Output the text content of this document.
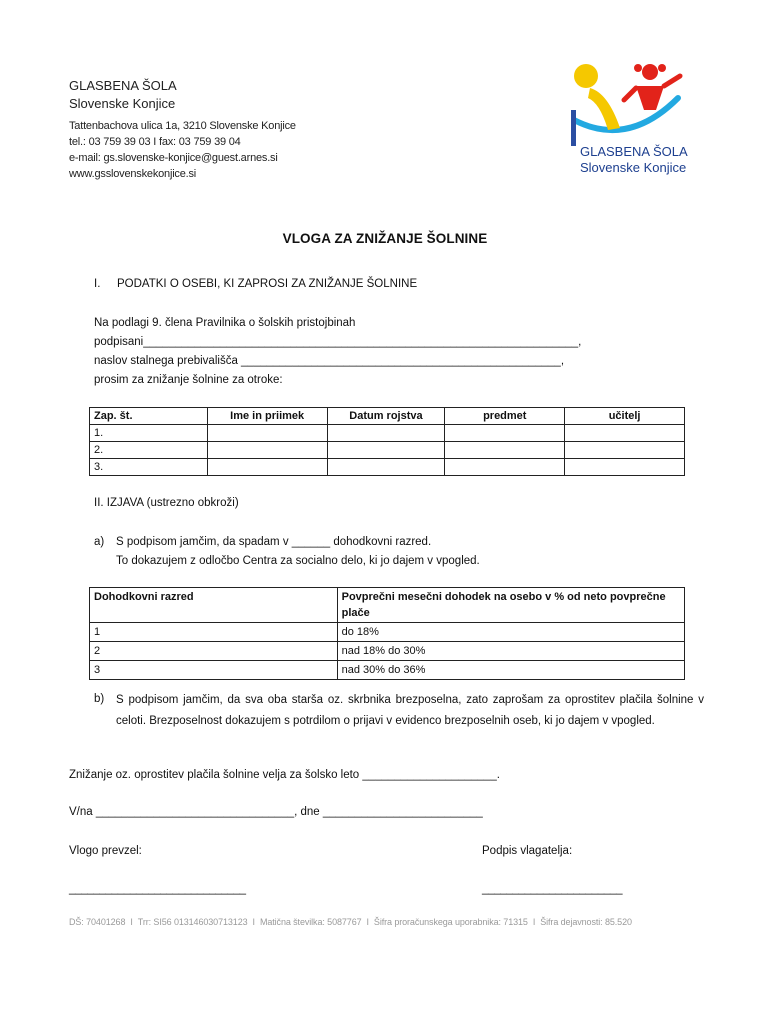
GLASBENA ŠOLA
Slovenske Konjice
Tattenbachova ulica 1a, 3210 Slovenske Konjice
tel.: 03 759 39 03 I fax: 03 759 39 04
e-mail: gs.slovenske-konjice@guest.arnes.si
www.gsslovenskekonjice.si
GLASBENA ŠOLA
Slovenske Konjice
VLOGA ZA ZNIŽANJE ŠOLNINE
I. PODATKI O OSEBI, KI ZAPROSI ZA ZNIŽANJE ŠOLNINE
Na podlagi 9. člena Pravilnika o šolskih pristojbinah
podpisani____________________________________________________________________,
naslov stalnega prebivališča __________________________________________________,
prosim za znižanje šolnine za otroke:
Zap. št.	Ime in priimek	Datum rojstva	predmet	učitelj
1.				
2.				
3.				
II. IZJAVA (ustrezno obkroži)
a) S podpisom jamčim, da spadam v ______ dohodkovni razred.
To dokazujem z odločbo Centra za socialno delo, ki jo dajem v vpogled.
Dohodkovni razred	Povprečni mesečni dohodek na osebo v % od neto povprečne plače
1	do 18%
2	nad 18% do 30%
3	nad 30% do 36%
b) S podpisom jamčim, da sva oba starša oz. skrbnika brezposelna, zato zaprošam za oprostitev plačila šolnine v celoti. Brezposelnost dokazujem s potrdilom o prijavi v evidenco brezposelnih oseb, ki jo dajem v vpogled.
Znižanje oz. oprostitev plačila šolnine velja za šolsko leto _____________________.
V/na _______________________________, dne _________________________
Vlogo prevzel:	Podpis vlagatelja:
_____________________________	_______________________
DŠ: 70401268 I Trr: SI56 013146030713123 I Matična številka: 5087767 I Šifra proračunskega uporabnika: 71315 I Šifra dejavnosti: 85.520
